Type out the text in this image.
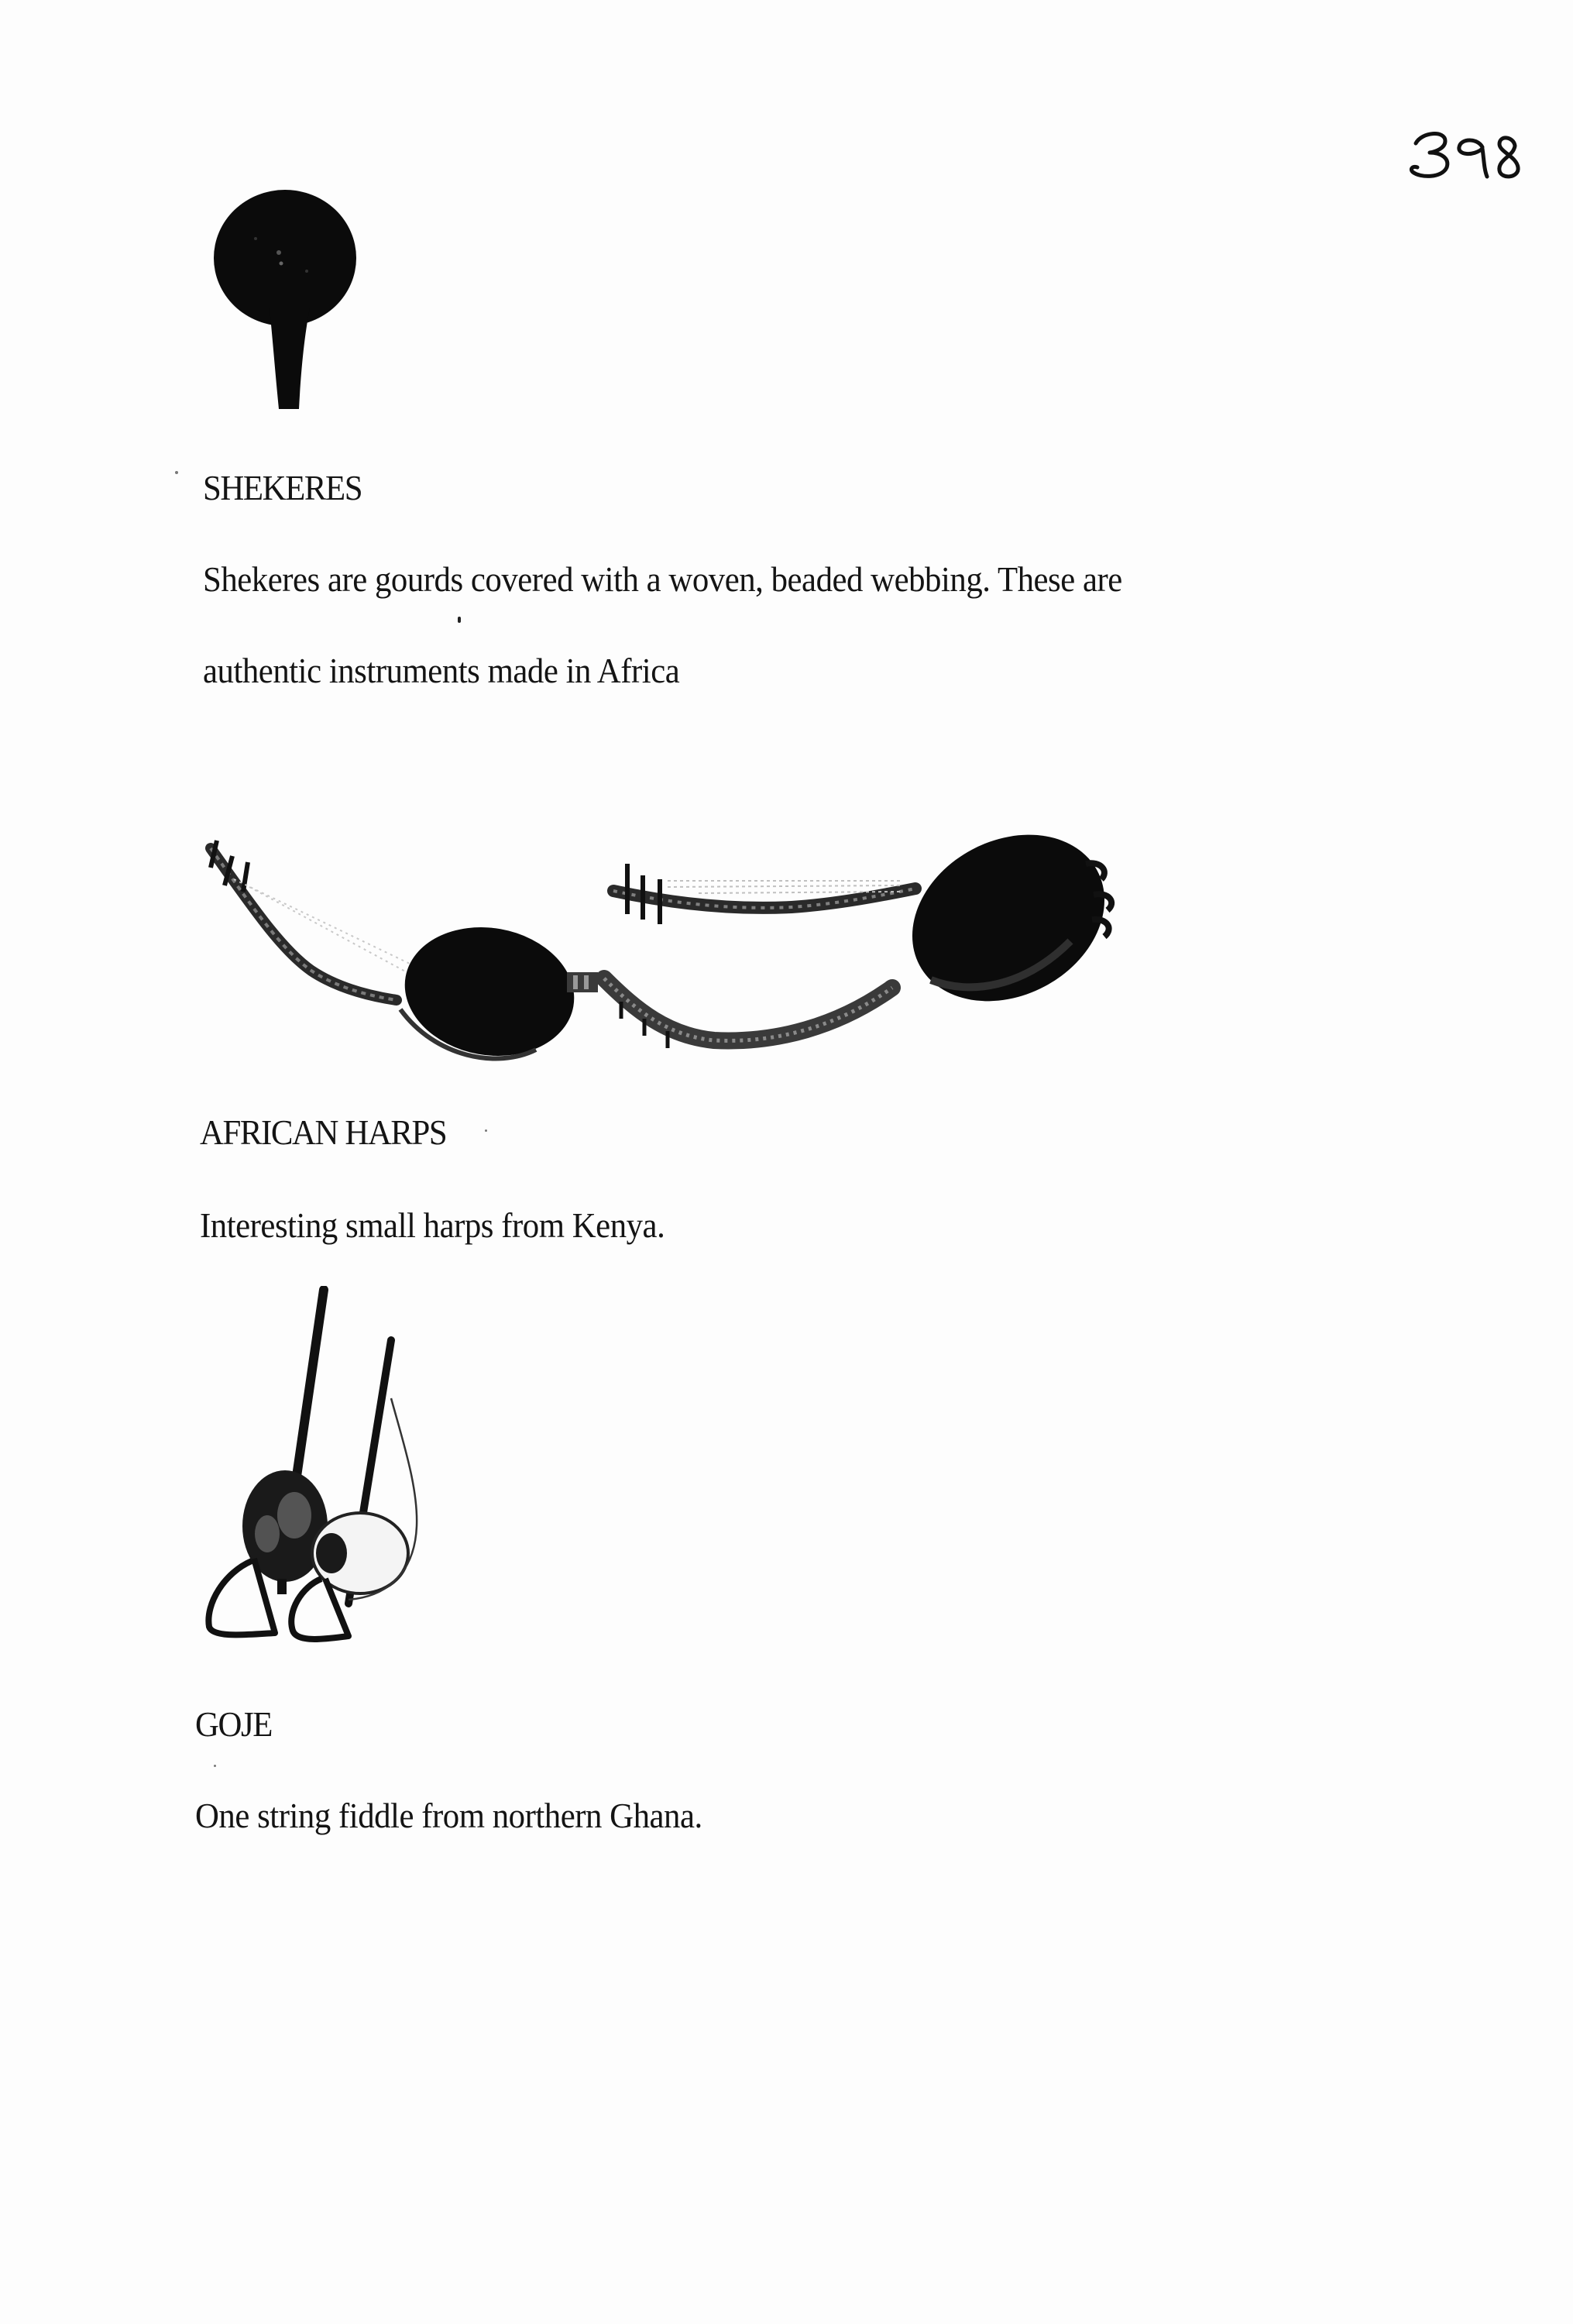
SHEKERES
Shekeres are gourds covered with a woven, beaded webbing. These are
authentic instruments made in Africa
AFRICAN HARPS
Interesting small harps from Kenya.
GOJE
One string fiddle from northern Ghana.
